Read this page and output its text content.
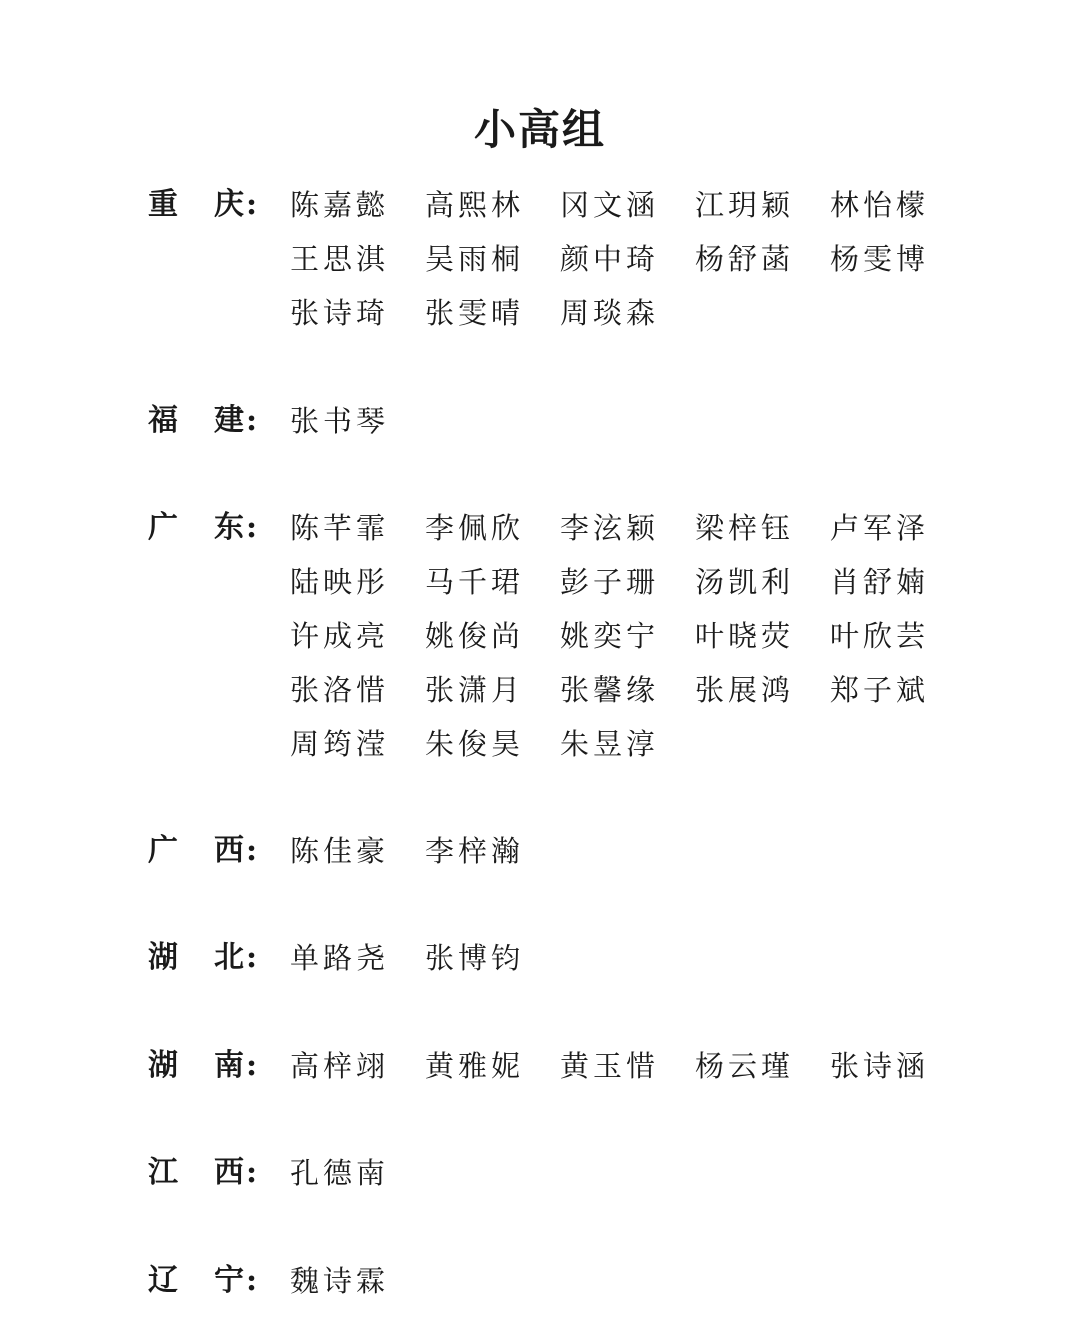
小高组
重	庆 : 陈嘉懿	高熙林	冈文涵	江玥颖	林怡檬
王思淇	吴雨桐	颜中琦	杨舒菡	杨雯博
张诗琦	张雯晴	周琰森
福	建 : 张书琴
广	东 : 陈芊霏	李佩欣	李泫颖	梁梓钰	卢军泽
陆映彤	马千珺	彭子珊	汤凯利	肖舒婻
许成亮	姚俊尚	姚奕宁	叶晓荧	叶欣芸
张洛惜	张潇月	张馨缘	张展鸿	郑子斌
周筠滢	朱俊昊	朱昱淳
广	西 : 陈佳豪	李梓瀚
湖	北 : 单路尧	张博钧
湖	南 : 高梓翊	黄雅妮	黄玉惜	杨云瑾	张诗涵
江	西 : 孔德南
辽	宁 : 魏诗霖
